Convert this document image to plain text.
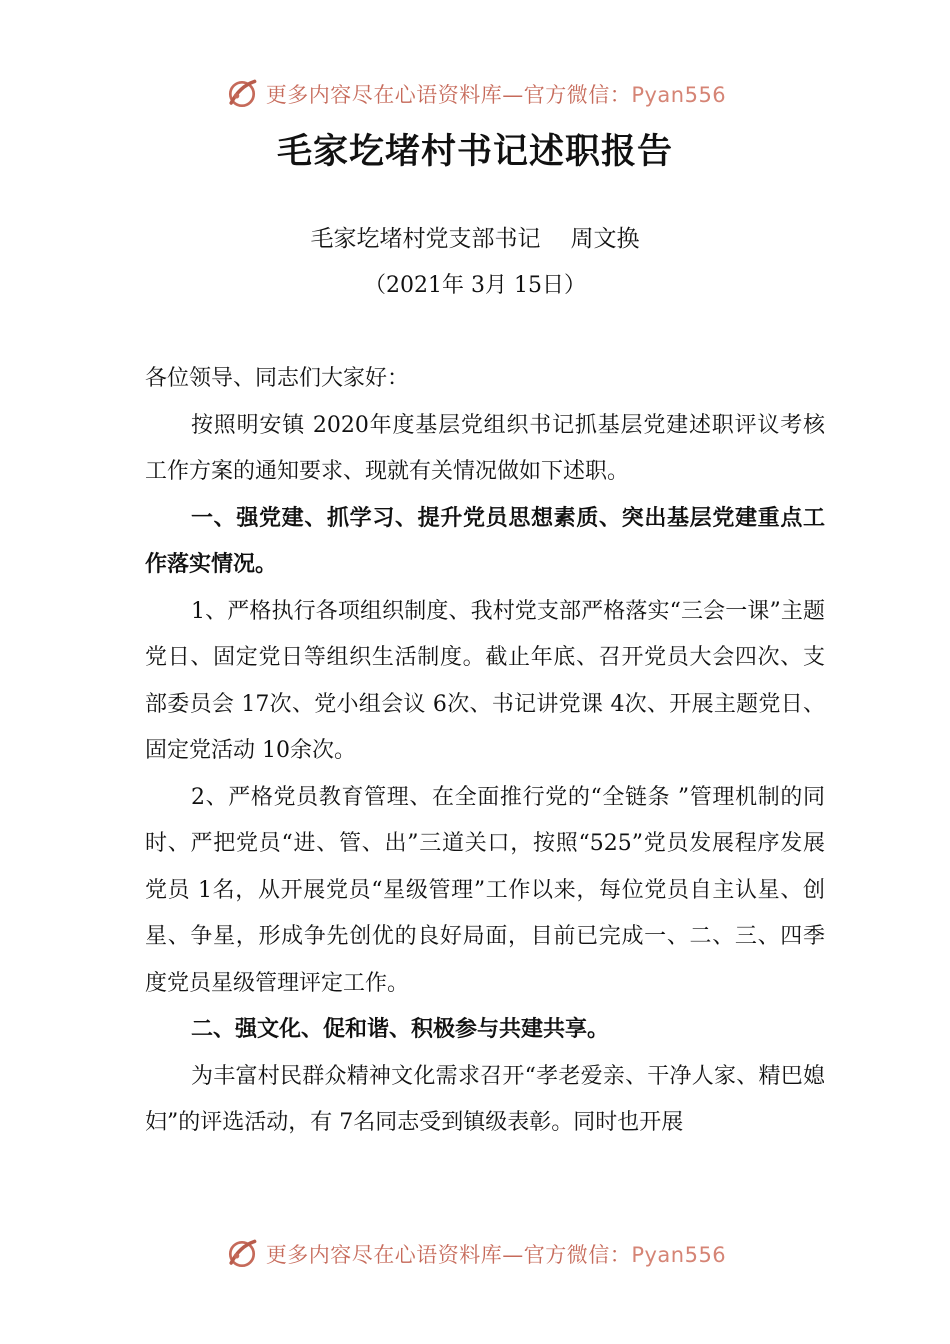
更多内容尽在心语资料库—官方微信：Pyan556
毛家圪堵村书记述职报告
毛家圪堵村党支部书记 周文换
（2021年 3月 15日）

各位领导、同志们大家好：

按照明安镇 2020年度基层党组织书记抓基层党建述职评议考核工作方案的通知要求、现就有关情况做如下述职。

一、强党建、抓学习、提升党员思想素质、突出基层党建重点工作落实情况。

1、严格执行各项组织制度、我村党支部严格落实“三会一课”主题党日、固定党日等组织生活制度。截止年底、召开党员大会四次、支部委员会 17次、党小组会议 6次、书记讲党课 4次、开展主题党日、固定党活动 10余次。

2、严格党员教育管理、在全面推行党的“全链条 ”管理机制的同时、严把党员“进、管、出”三道关口，按照“525”党员发展程序发展党员 1名，从开展党员“星级管理”工作以来，每位党员自主认星、创星、争星，形成争先创优的良好局面，目前已完成一、二、三、四季度党员星级管理评定工作。

二、强文化、促和谐、积极参与共建共享。

为丰富村民群众精神文化需求召开“孝老爱亲、干净人家、精巴媳妇”的评选活动，有 7名同志受到镇级表彰。同时也开展

更多内容尽在心语资料库—官方微信：Pyan556
